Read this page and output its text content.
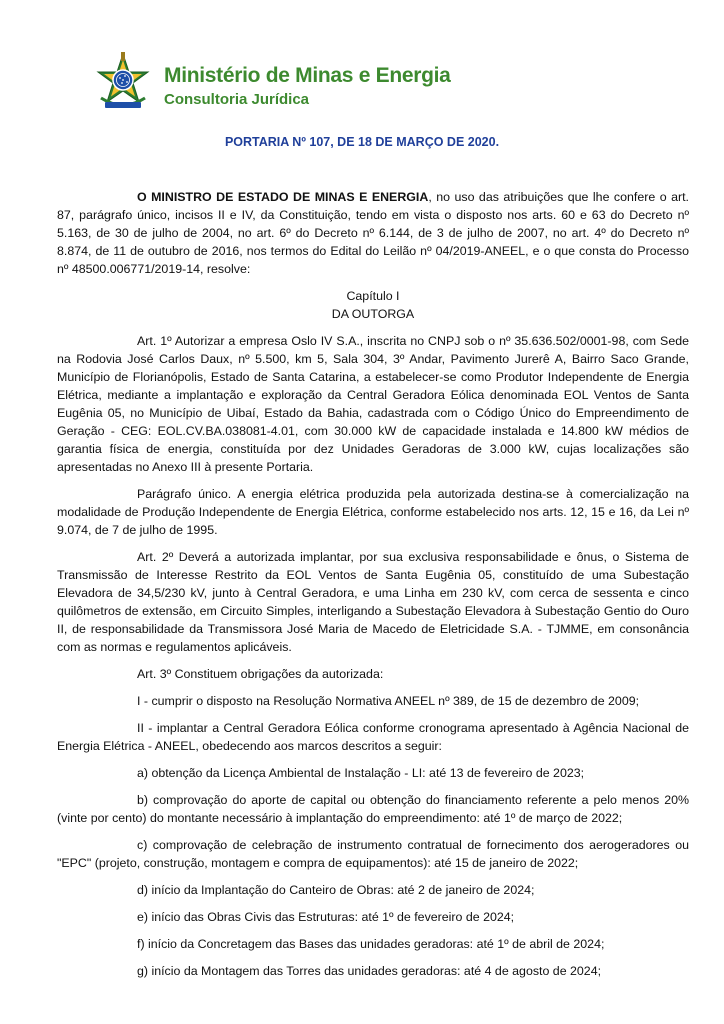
Ministério de Minas e Energia
Consultoria Jurídica
PORTARIA Nº 107, DE 18 DE MARÇO DE 2020.

O MINISTRO DE ESTADO DE MINAS E ENERGIA, no uso das atribuições que lhe confere o art. 87, parágrafo único, incisos II e IV, da Constituição, tendo em vista o disposto nos arts. 60 e 63 do Decreto nº 5.163, de 30 de julho de 2004, no art. 6º do Decreto nº 6.144, de 3 de julho de 2007, no art. 4º do Decreto nº 8.874, de 11 de outubro de 2016, nos termos do Edital do Leilão nº 04/2019-ANEEL, e o que consta do Processo nº 48500.006771/2019-14, resolve:

Capítulo I

DA OUTORGA

Art. 1º Autorizar a empresa Oslo IV S.A., inscrita no CNPJ sob o nº 35.636.502/0001-98, com Sede na Rodovia José Carlos Daux, nº 5.500, km 5, Sala 304, 3º Andar, Pavimento Jurerê A, Bairro Saco Grande, Município de Florianópolis, Estado de Santa Catarina, a estabelecer-se como Produtor Independente de Energia Elétrica, mediante a implantação e exploração da Central Geradora Eólica denominada EOL Ventos de Santa Eugênia 05, no Município de Uibaí, Estado da Bahia, cadastrada com o Código Único do Empreendimento de Geração - CEG: EOL.CV.BA.038081-4.01, com 30.000 kW de capacidade instalada e 14.800 kW médios de garantia física de energia, constituída por dez Unidades Geradoras de 3.000 kW, cujas localizações são apresentadas no Anexo III à presente Portaria.

Parágrafo único. A energia elétrica produzida pela autorizada destina-se à comercialização na modalidade de Produção Independente de Energia Elétrica, conforme estabelecido nos arts. 12, 15 e 16, da Lei nº 9.074, de 7 de julho de 1995.

Art. 2º Deverá a autorizada implantar, por sua exclusiva responsabilidade e ônus, o Sistema de Transmissão de Interesse Restrito da EOL Ventos de Santa Eugênia 05, constituído de uma Subestação Elevadora de 34,5/230 kV, junto à Central Geradora, e uma Linha em 230 kV, com cerca de sessenta e cinco quilômetros de extensão, em Circuito Simples, interligando a Subestação Elevadora à Subestação Gentio do Ouro II, de responsabilidade da Transmissora José Maria de Macedo de Eletricidade S.A. - TJMME, em consonância com as normas e regulamentos aplicáveis.

Art. 3º Constituem obrigações da autorizada:

I - cumprir o disposto na Resolução Normativa ANEEL nº 389, de 15 de dezembro de 2009;

II - implantar a Central Geradora Eólica conforme cronograma apresentado à Agência Nacional de Energia Elétrica - ANEEL, obedecendo aos marcos descritos a seguir:

a) obtenção da Licença Ambiental de Instalação - LI: até 13 de fevereiro de 2023;

b) comprovação do aporte de capital ou obtenção do financiamento referente a pelo menos 20% (vinte por cento) do montante necessário à implantação do empreendimento: até 1º de março de 2022;

c) comprovação de celebração de instrumento contratual de fornecimento dos aerogeradores ou "EPC" (projeto, construção, montagem e compra de equipamentos): até 15 de janeiro de 2022;

d) início da Implantação do Canteiro de Obras: até 2 de janeiro de 2024;

e) início das Obras Civis das Estruturas: até 1º de fevereiro de 2024;

f) início da Concretagem das Bases das unidades geradoras: até 1º de abril de 2024;

g) início da Montagem das Torres das unidades geradoras: até 4 de agosto de 2024;
